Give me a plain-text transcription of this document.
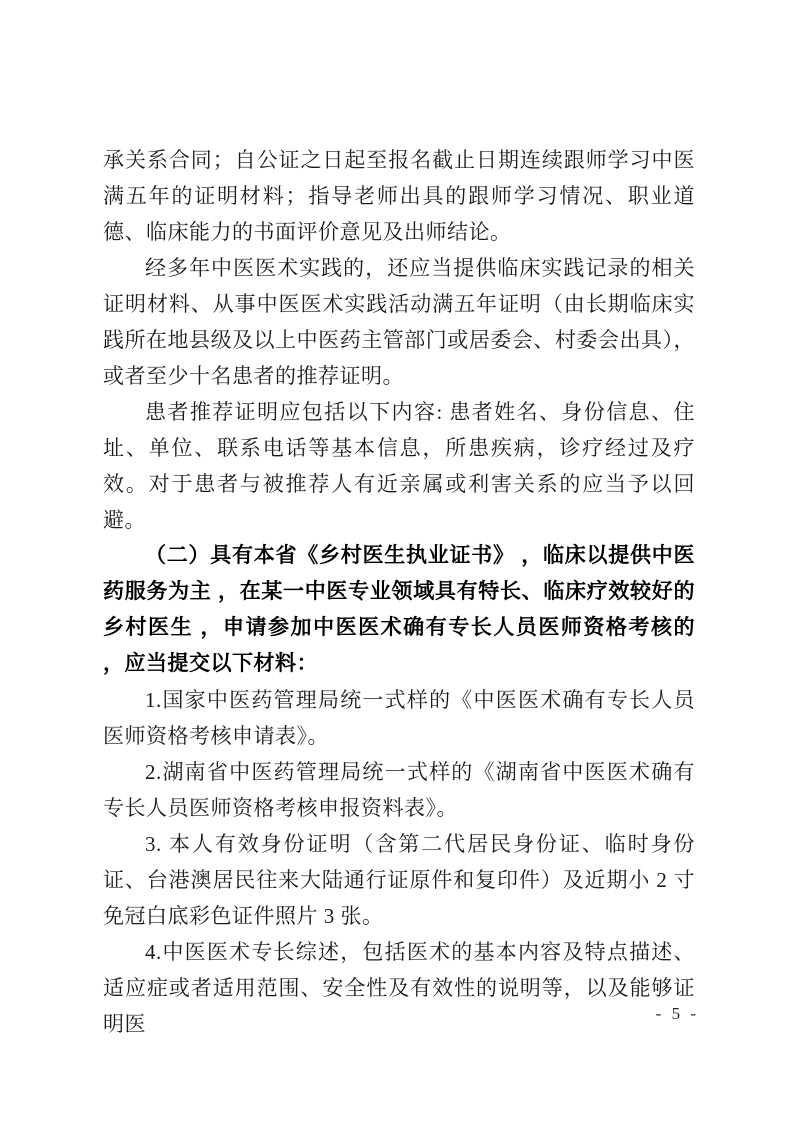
承关系合同；自公证之日起至报名截止日期连续跟师学习中医满五年的证明材料；指导老师出具的跟师学习情况、职业道德、临床能力的书面评价意见及出师结论。

经多年中医医术实践的，还应当提供临床实践记录的相关证明材料、从事中医医术实践活动满五年证明（由长期临床实践所在地县级及以上中医药主管部门或居委会、村委会出具），或者至少十名患者的推荐证明。

患者推荐证明应包括以下内容: 患者姓名、身份信息、住址、单位、联系电话等基本信息，所患疾病，诊疗经过及疗效。对于患者与被推荐人有近亲属或利害关系的应当予以回避。

（二）具有本省《乡村医生执业证书》 ，临床以提供中医药服务为主 ，在某一中医专业领域具有特长、临床疗效较好的乡村医生 ，申请参加中医医术确有专长人员医师资格考核的 ，应当提交以下材料：

1.国家中医药管理局统一式样的《中医医术确有专长人员医师资格考核申请表》。

2.湖南省中医药管理局统一式样的《湖南省中医医术确有专长人员医师资格考核申报资料表》。

3. 本人有效身份证明（含第二代居民身份证、临时身份证、台港澳居民往来大陆通行证原件和复印件）及近期小 2 寸免冠白底彩色证件照片 3 张。

4.中医医术专长综述，包括医术的基本内容及特点描述、适应症或者适用范围、安全性及有效性的说明等，以及能够证明医	- 5 -
